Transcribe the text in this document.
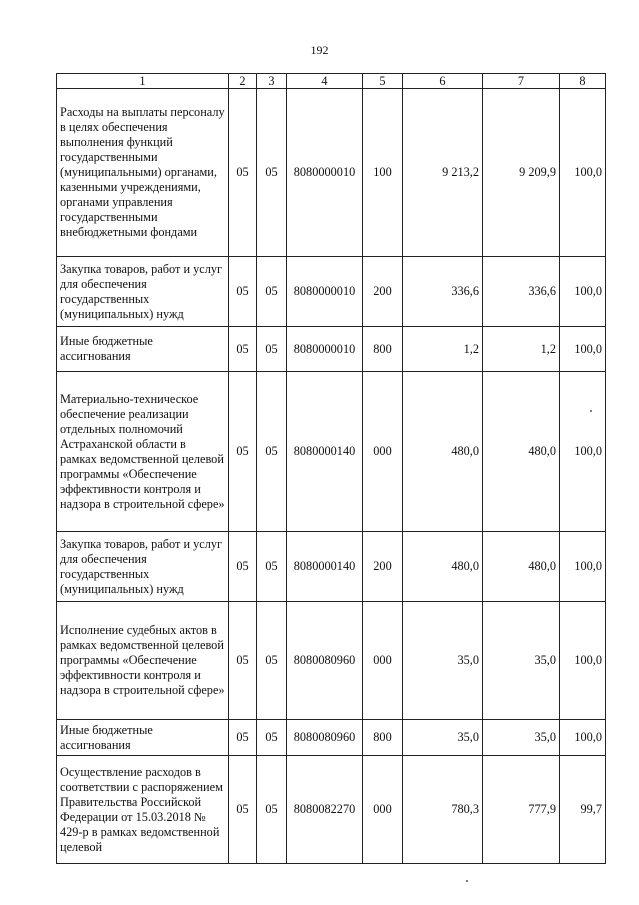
192
1	2	3	4	5	6	7	8
Расходы на выплаты персоналу в целях обеспечения выполнения функций государственными (муниципальными) органами, казенными учреждениями, органами управления государственными внебюджетными фондами	05	05	8080000010	100	9 213,2	9 209,9	100,0
Закупка товаров, работ и услуг для обеспечения государственных (муниципальных) нужд	05	05	8080000010	200	336,6	336,6	100,0
Иные бюджетные ассигнования	05	05	8080000010	800	1,2	1,2	100,0
Материально-техническое обеспечение реализации отдельных полномочий Астраханской области в рамках ведомственной целевой программы «Обеспечение эффективности контроля и надзора в строительной сфере»	05	05	8080000140	000	480,0	480,0	100,0
Закупка товаров, работ и услуг для обеспечения государственных (муниципальных) нужд	05	05	8080000140	200	480,0	480,0	100,0
Исполнение судебных актов в рамках ведомственной целевой программы «Обеспечение эффективности контроля и надзора в строительной сфере»	05	05	8080080960	000	35,0	35,0	100,0
Иные бюджетные ассигнования	05	05	8080080960	800	35,0	35,0	100,0
Осуществление расходов в соответствии с распоряжением Правительства Российской Федерации от 15.03.2018 № 429-р в рамках ведомственной целевой	05	05	8080082270	000	780,3	777,9	99,7
